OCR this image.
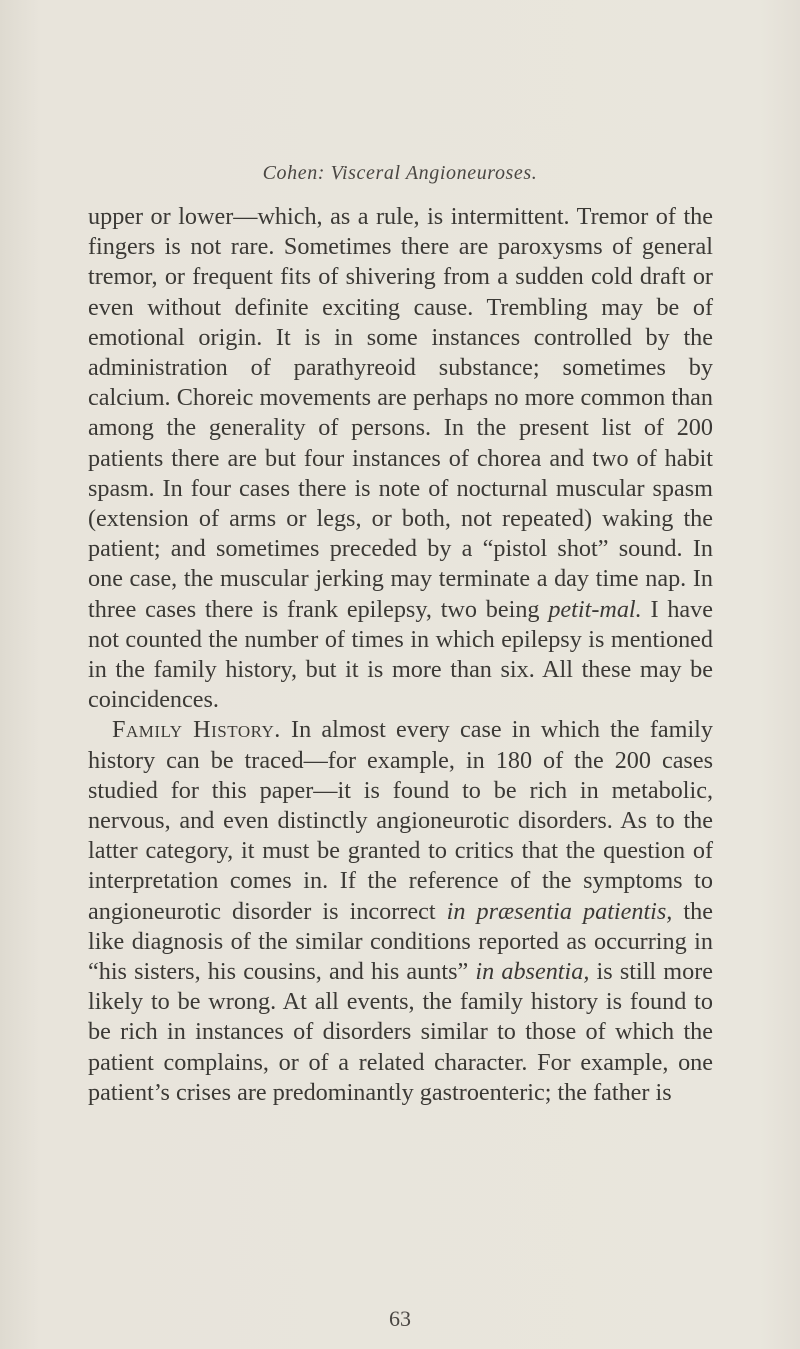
Cohen: Visceral Angioneuroses.

upper or lower—which, as a rule, is intermittent. Tremor of the fingers is not rare. Sometimes there are paroxysms of general tremor, or frequent fits of shivering from a sudden cold draft or even without definite exciting cause. Trembling may be of emotional origin. It is in some instances controlled by the administration of parathyreoid substance; sometimes by calcium. Choreic movements are perhaps no more common than among the generality of persons. In the present list of 200 patients there are but four instances of chorea and two of habit spasm. In four cases there is note of nocturnal muscular spasm (extension of arms or legs, or both, not repeated) waking the patient; and sometimes preceded by a “pistol shot” sound. In one case, the muscular jerking may terminate a day time nap. In three cases there is frank epilepsy, two being petit-mal. I have not counted the number of times in which epilepsy is mentioned in the family history, but it is more than six. All these may be coincidences.

Family History. In almost every case in which the family history can be traced—for example, in 180 of the 200 cases studied for this paper—it is found to be rich in metabolic, nervous, and even distinctly angioneurotic disorders. As to the latter category, it must be granted to critics that the question of interpretation comes in. If the reference of the symptoms to angioneurotic disorder is incorrect in præsentia patientis, the like diagnosis of the similar conditions reported as occurring in “his sisters, his cousins, and his aunts” in absentia, is still more likely to be wrong. At all events, the family history is found to be rich in instances of disorders similar to those of which the patient complains, or of a related character. For example, one patient’s crises are predominantly gastroenteric; the father is

63
